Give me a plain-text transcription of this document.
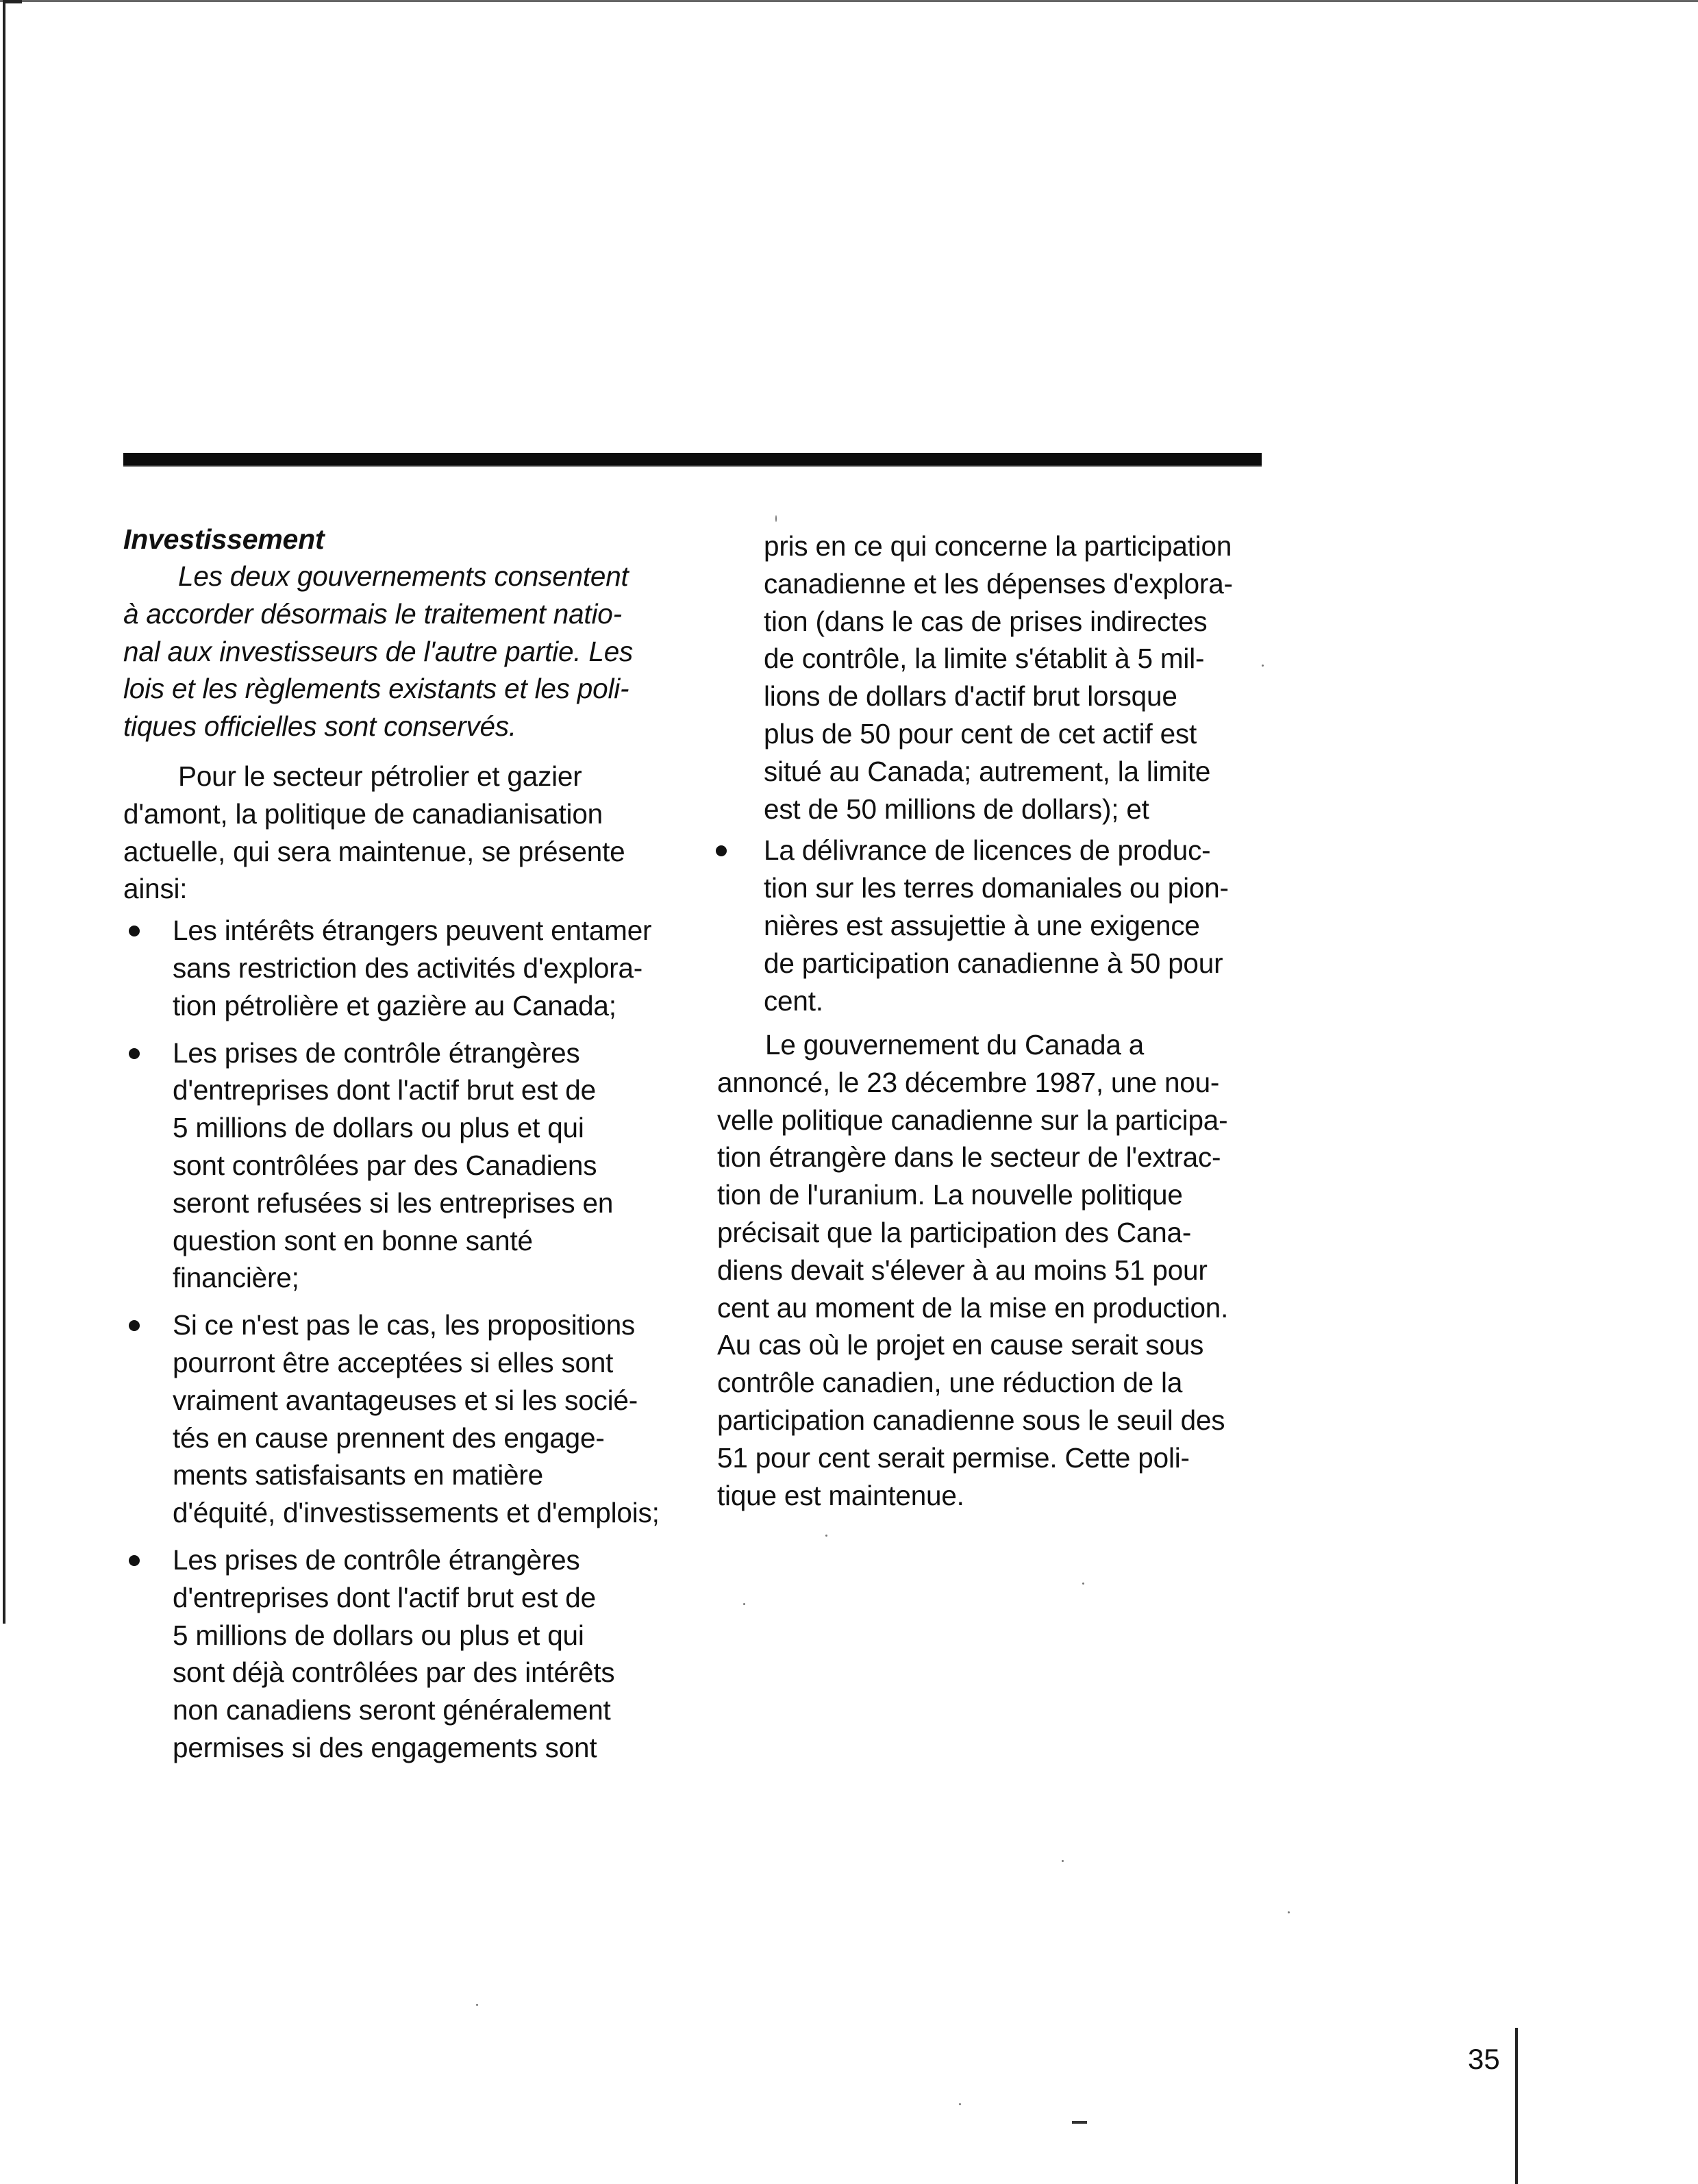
Investissement
Les deux gouvernements consentent
à accorder désormais le traitement natio-
nal aux investisseurs de l'autre partie. Les
lois et les règlements existants et les poli-
tiques officielles sont conservés.
Pour le secteur pétrolier et gazier
d'amont, la politique de canadianisation
actuelle, qui sera maintenue, se présente
ainsi:
Les intérêts étrangers peuvent entamer
sans restriction des activités d'explora-
tion pétrolière et gazière au Canada;
Les prises de contrôle étrangères
d'entreprises dont l'actif brut est de
5 millions de dollars ou plus et qui
sont contrôlées par des Canadiens
seront refusées si les entreprises en
question sont en bonne santé
financière;
Si ce n'est pas le cas, les propositions
pourront être acceptées si elles sont
vraiment avantageuses et si les socié-
tés en cause prennent des engage-
ments satisfaisants en matière
d'équité, d'investissements et d'emplois;
Les prises de contrôle étrangères
d'entreprises dont l'actif brut est de
5 millions de dollars ou plus et qui
sont déjà contrôlées par des intérêts
non canadiens seront généralement
permises si des engagements sont
pris en ce qui concerne la participation
canadienne et les dépenses d'explora-
tion (dans le cas de prises indirectes
de contrôle, la limite s'établit à 5 mil-
lions de dollars d'actif brut lorsque
plus de 50 pour cent de cet actif est
situé au Canada; autrement, la limite
est de 50 millions de dollars); et
La délivrance de licences de produc-
tion sur les terres domaniales ou pion-
nières est assujettie à une exigence
de participation canadienne à 50 pour
cent.
Le gouvernement du Canada a
annoncé, le 23 décembre 1987, une nou-
velle politique canadienne sur la participa-
tion étrangère dans le secteur de l'extrac-
tion de l'uranium. La nouvelle politique
précisait que la participation des Cana-
diens devait s'élever à au moins 51 pour
cent au moment de la mise en production.
Au cas où le projet en cause serait sous
contrôle canadien, une réduction de la
participation canadienne sous le seuil des
51 pour cent serait permise. Cette poli-
tique est maintenue.
35
